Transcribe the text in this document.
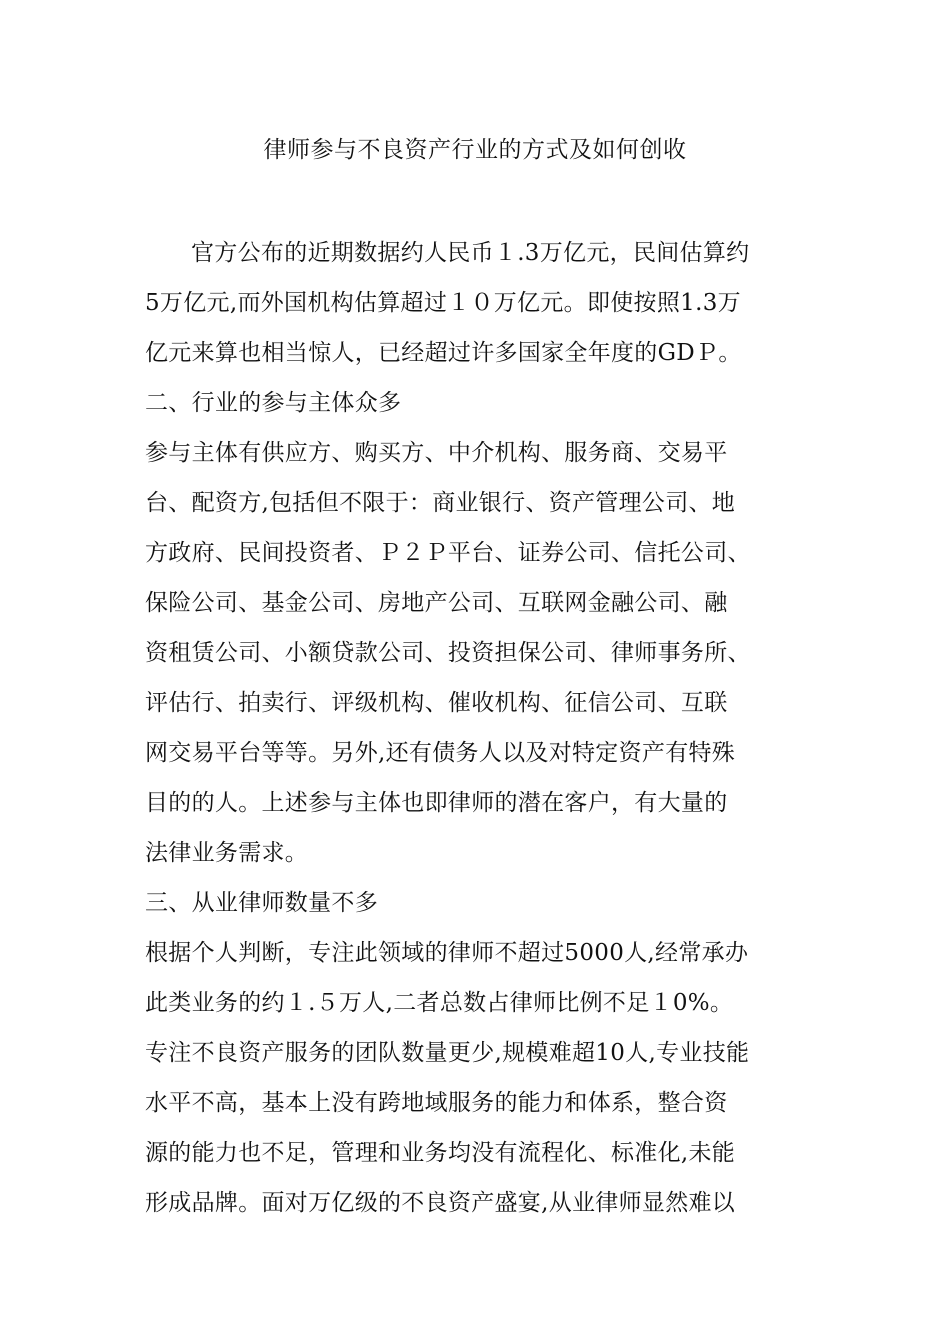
律师参与不良资产行业的方式及如何创收
官方公布的近期数据约人民币１.3万亿元，民间估算约
5万亿元,而外国机构估算超过１０万亿元。即使按照1.3万
亿元来算也相当惊人，已经超过许多国家全年度的GDＰ。
二、行业的参与主体众多
参与主体有供应方、购买方、中介机构、服务商、交易平
台、配资方,包括但不限于：商业银行、资产管理公司、地
方政府、民间投资者、Ｐ２Ｐ平台、证券公司、信托公司、
保险公司、基金公司、房地产公司、互联网金融公司、融
资租赁公司、小额贷款公司、投资担保公司、律师事务所、
评估行、拍卖行、评级机构、催收机构、征信公司、互联
网交易平台等等。另外,还有债务人以及对特定资产有特殊
目的的人。上述参与主体也即律师的潜在客户，有大量的
法律业务需求。
三、从业律师数量不多
根据个人判断，专注此领域的律师不超过5000人,经常承办
此类业务的约１.５万人,二者总数占律师比例不足１0%。
专注不良资产服务的团队数量更少,规模难超10人,专业技能
水平不高，基本上没有跨地域服务的能力和体系，整合资
源的能力也不足，管理和业务均没有流程化、标准化,未能
形成品牌。面对万亿级的不良资产盛宴,从业律师显然难以
